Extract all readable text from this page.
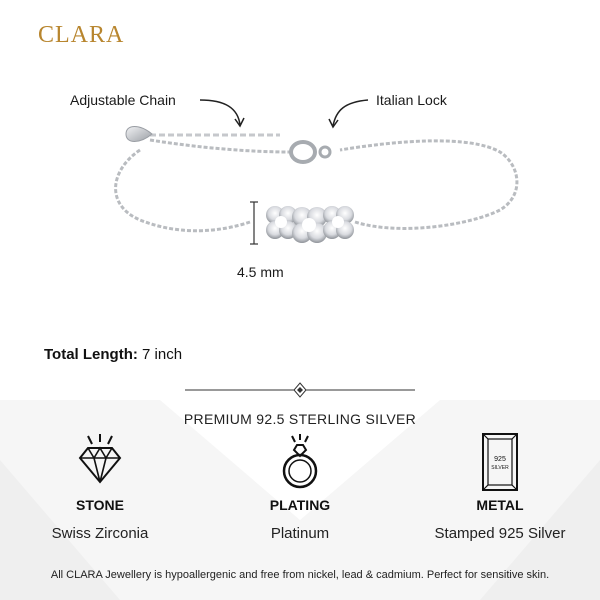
CLARA
Adjustable Chain	Italian Lock
4.5 mm
Total Length: 7 inch
PREMIUM 92.5 STERLING SILVER
STONE
Swiss Zirconia
PLATING
Platinum
925
SILVER
METAL
Stamped 925 Silver
All CLARA Jewellery is hypoallergenic and free from nickel, lead & cadmium. Perfect for sensitive skin.
